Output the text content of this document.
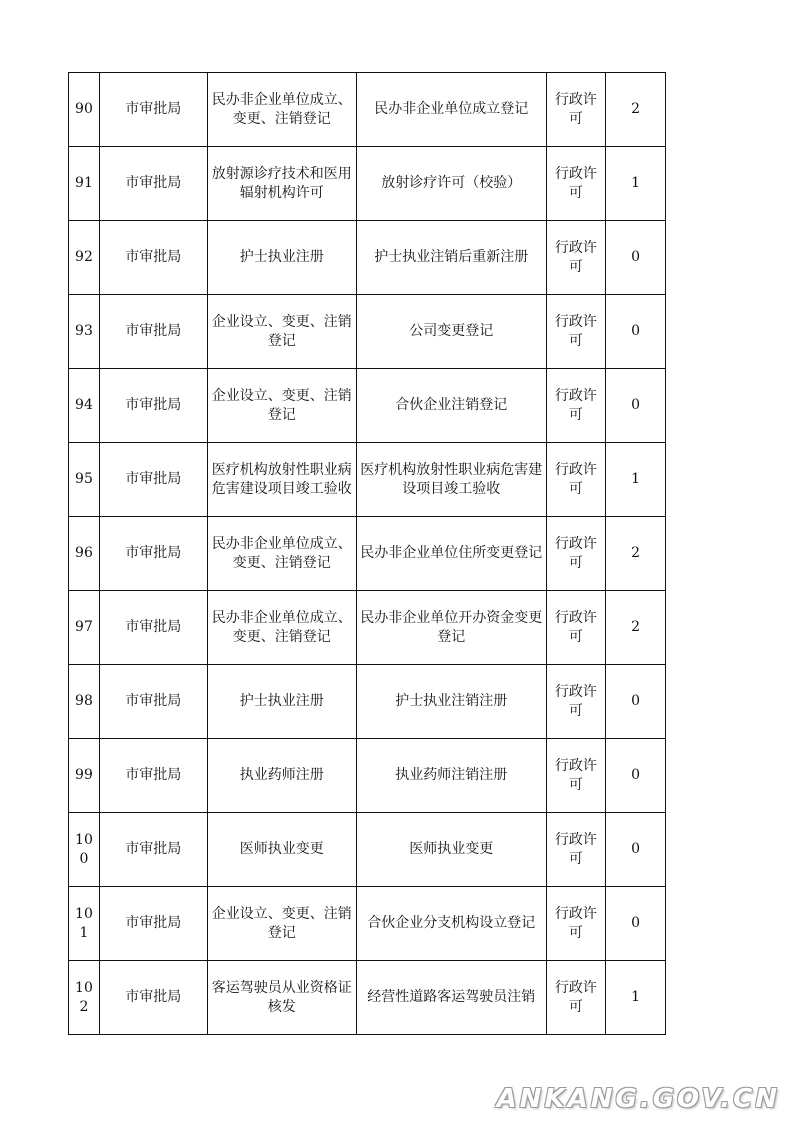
90	市审批局	民办非企业单位成立、变更、注销登记	民办非企业单位成立登记	行政许可	2
91	市审批局	放射源诊疗技术和医用辐射机构许可	放射诊疗许可（校验）	行政许可	1
92	市审批局	护士执业注册	护士执业注销后重新注册	行政许可	0
93	市审批局	企业设立、变更、注销登记	公司变更登记	行政许可	0
94	市审批局	企业设立、变更、注销登记	合伙企业注销登记	行政许可	0
95	市审批局	医疗机构放射性职业病危害建设项目竣工验收	医疗机构放射性职业病危害建设项目竣工验收	行政许可	1
96	市审批局	民办非企业单位成立、变更、注销登记	民办非企业单位住所变更登记	行政许可	2
97	市审批局	民办非企业单位成立、变更、注销登记	民办非企业单位开办资金变更登记	行政许可	2
98	市审批局	护士执业注册	护士执业注销注册	行政许可	0
99	市审批局	执业药师注册	执业药师注销注册	行政许可	0
100	市审批局	医师执业变更	医师执业变更	行政许可	0
101	市审批局	企业设立、变更、注销登记	合伙企业分支机构设立登记	行政许可	0
102	市审批局	客运驾驶员从业资格证核发	经营性道路客运驾驶员注销	行政许可	1
ANKANG.GOV.CN
